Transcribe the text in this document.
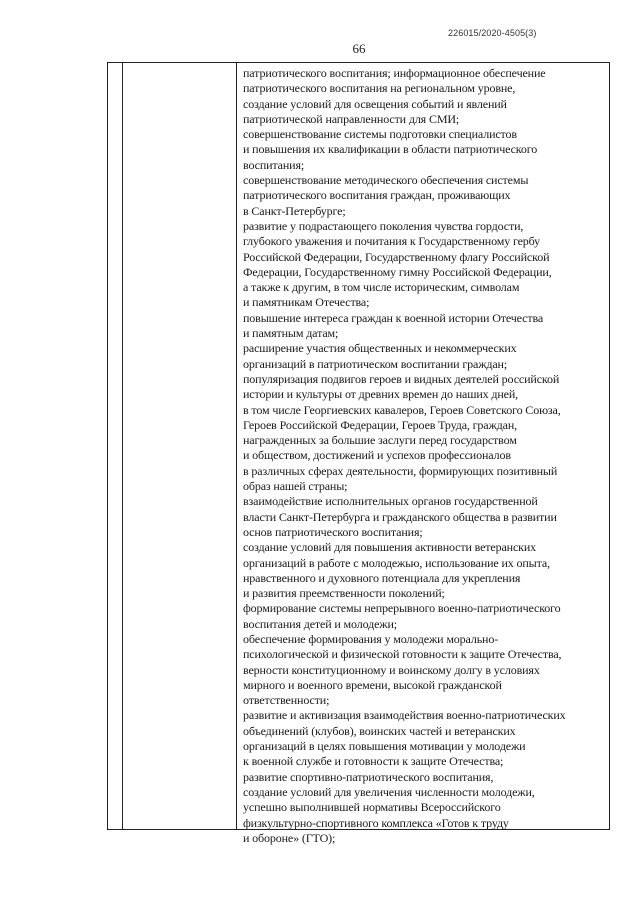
226015/2020-4505(3)
66
патриотического воспитания; информационное обеспечение
патриотического воспитания на региональном уровне,
создание условий для освещения событий и явлений
патриотической направленности для СМИ;
совершенствование системы подготовки специалистов
и повышения их квалификации в области патриотического
воспитания;
совершенствование методического обеспечения системы
патриотического воспитания граждан, проживающих
в Санкт-Петербурге;
развитие у подрастающего поколения чувства гордости,
глубокого уважения и почитания к Государственному гербу
Российской Федерации, Государственному флагу Российской
Федерации, Государственному гимну Российской Федерации,
а также к другим, в том числе историческим, символам
и памятникам Отечества;
повышение интереса граждан к военной истории Отечества
и памятным датам;
расширение участия общественных и некоммерческих
организаций в патриотическом воспитании граждан;
популяризация подвигов героев и видных деятелей российской
истории и культуры от древних времен до наших дней,
в том числе Георгиевских кавалеров, Героев Советского Союза,
Героев Российской Федерации, Героев Труда, граждан,
награжденных за большие заслуги перед государством
и обществом, достижений и успехов профессионалов
в различных сферах деятельности, формирующих позитивный
образ нашей страны;
взаимодействие исполнительных органов государственной
власти Санкт-Петербурга и гражданского общества в развитии
основ патриотического воспитания;
создание условий для повышения активности ветеранских
организаций в работе с молодежью, использование их опыта,
нравственного и духовного потенциала для укрепления
и развития преемственности поколений;
формирование системы непрерывного военно-патриотического
воспитания детей и молодежи;
обеспечение формирования у молодежи морально-
психологической и физической готовности к защите Отечества,
верности конституционному и воинскому долгу в условиях
мирного и военного времени, высокой гражданской
ответственности;
развитие и активизация взаимодействия военно-патриотических
объединений (клубов), воинских частей и ветеранских
организаций в целях повышения мотивации у молодежи
к военной службе и готовности к защите Отечества;
развитие спортивно-патриотического воспитания,
создание условий для увеличения численности молодежи,
успешно выполнившей нормативы Всероссийского
физкультурно-спортивного комплекса «Готов к труду
и обороне» (ГТО);
